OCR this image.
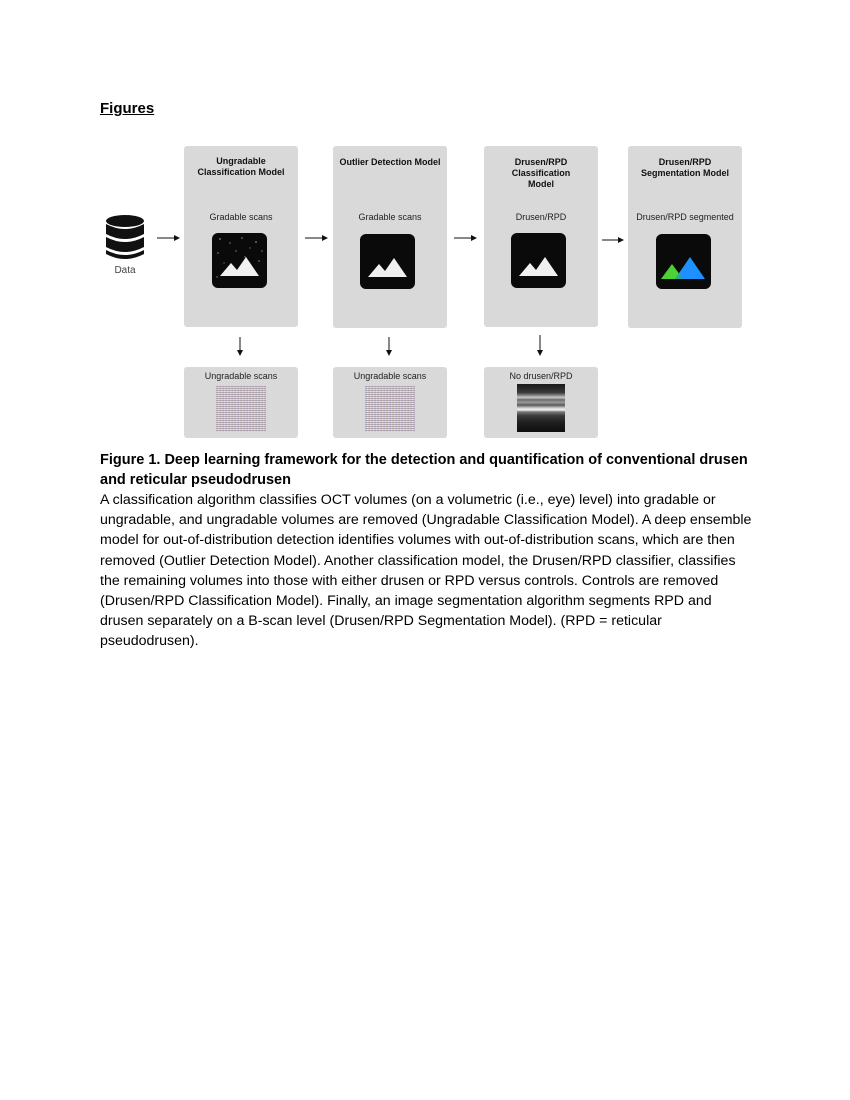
Figures
Data
Ungradable Classification Model
Gradable scans
Outlier Detection Model
Gradable scans
Drusen/RPD Classification Model
Drusen/RPD
Drusen/RPD Segmentation Model
Drusen/RPD segmented
Ungradable scans	Ungradable scans	No drusen/RPD
Figure 1. Deep learning framework for the detection and quantification of conventional drusen and reticular pseudodrusen

A classification algorithm classifies OCT volumes (on a volumetric (i.e., eye) level) into gradable or ungradable, and ungradable volumes are removed (Ungradable Classification Model). A deep ensemble model for out-of-distribution detection identifies volumes with out-of-distribution scans, which are then removed (Outlier Detection Model). Another classification model, the Drusen/RPD classifier, classifies the remaining volumes into those with either drusen or RPD versus controls. Controls are removed (Drusen/RPD Classification Model). Finally, an image segmentation algorithm segments RPD and drusen separately on a B-scan level (Drusen/RPD Segmentation Model). (RPD = reticular pseudodrusen).
